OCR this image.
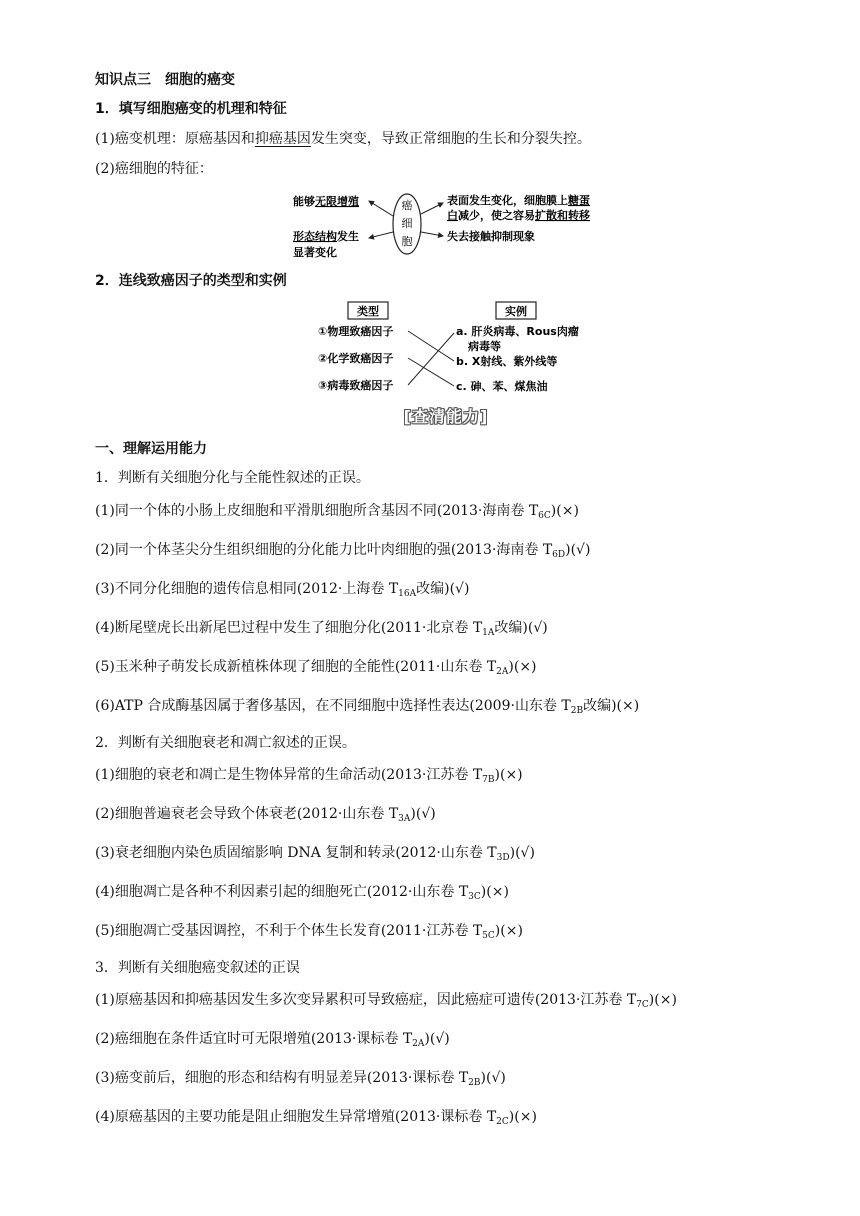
知识点三　细胞的癌变
1．填写细胞癌变的机理和特征
(1)癌变机理：原癌基因和抑癌基因发生突变，导致正常细胞的生长和分裂失控。
(2)癌细胞的特征：
癌
细
胞
能够无限增殖
形态结构发生
显著变化
表面发生变化，细胞膜上糖蛋
白减少，使之容易扩散和转移
失去接触抑制现象
2．连线致癌因子的类型和实例
类型	实例
①物理致癌因子
②化学致癌因子
③病毒致癌因子
a. 肝炎病毒、Rous肉瘤
病毒等
b. X射线、紫外线等
c. 砷、苯、煤焦油
[查清能力]
一、理解运用能力
1．判断有关细胞分化与全能性叙述的正误。
(1)同一个体的小肠上皮细胞和平滑肌细胞所含基因不同(2013·海南卷 $T_{6C})(\times)$
(2)同一个体茎尖分生组织细胞的分化能力比叶肉细胞的强(2013·海南卷 $T_{6D})(√)$
(3)不同分化细胞的遗传信息相同(2012·上海卷 $T_{16A}$改编)(√)
(4)断尾壁虎长出新尾巴过程中发生了细胞分化(2011·北京卷 $T_{1A}$改编)(√)
(5)玉米种子萌发长成新植株体现了细胞的全能性(2011·山东卷 $T_{2A})(\times)$
(6)ATP 合成酶基因属于奢侈基因，在不同细胞中选择性表达(2009·山东卷 $T_{2B}$改编)(×)
2．判断有关细胞衰老和凋亡叙述的正误。
(1)细胞的衰老和凋亡是生物体异常的生命活动(2013·江苏卷 $T_{7B})(\times)$
(2)细胞普遍衰老会导致个体衰老(2012·山东卷 $T_{3A})(√)$
(3)衰老细胞内染色质固缩影响 DNA 复制和转录(2012·山东卷 $T_{3D})(√)$
(4)细胞凋亡是各种不利因素引起的细胞死亡(2012·山东卷 $T_{3C})(\times)$
(5)细胞凋亡受基因调控，不利于个体生长发育(2011·江苏卷 $T_{5C})(\times)$
3．判断有关细胞癌变叙述的正误
(1)原癌基因和抑癌基因发生多次变异累积可导致癌症，因此癌症可遗传(2013·江苏卷 $T_{7C})(\times)$
(2)癌细胞在条件适宜时可无限增殖(2013·课标卷 $T_{2A})(√)$
(3)癌变前后，细胞的形态和结构有明显差异(2013·课标卷 $T_{2B})(√)$
(4)原癌基因的主要功能是阻止细胞发生异常增殖(2013·课标卷 $T_{2C})(\times)$
